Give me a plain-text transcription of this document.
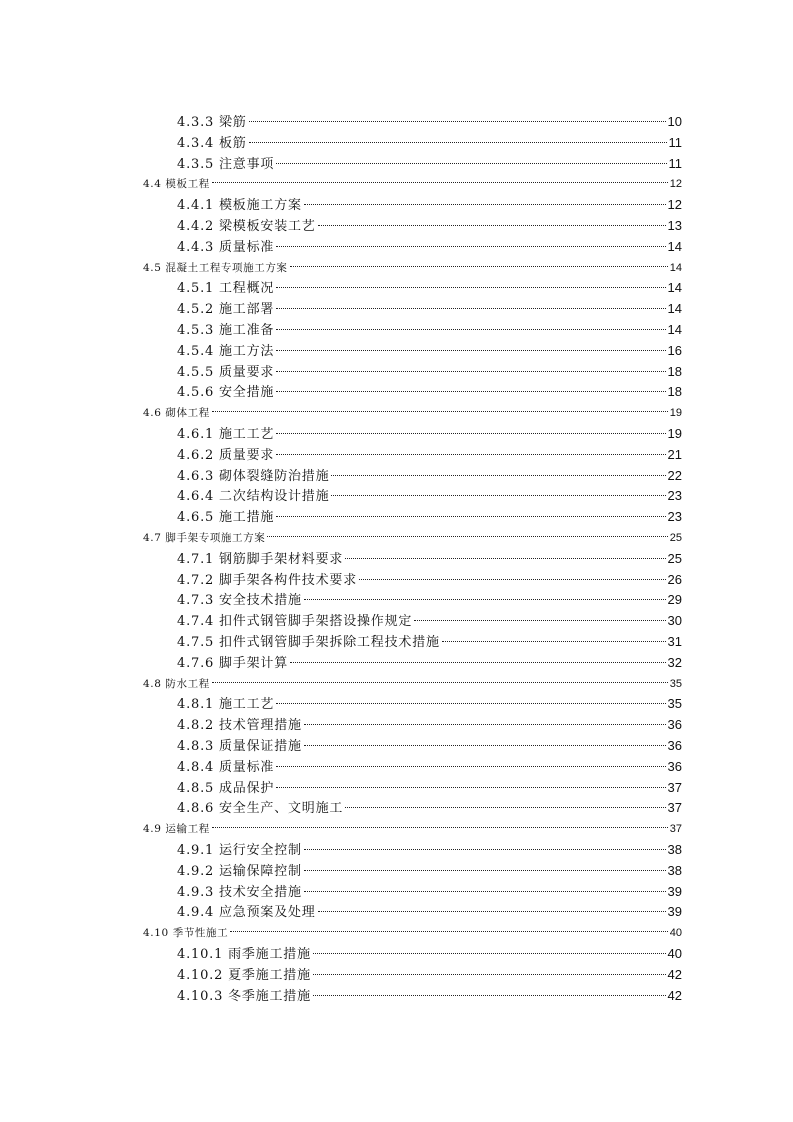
4.3.3 梁筋	10
4.3.4 板筋	11
4.3.5 注意事项	11
4.4 模板工程	12
4.4.1 模板施工方案	12
4.4.2 梁模板安装工艺	13
4.4.3 质量标准	14
4.5 混凝土工程专项施工方案	14
4.5.1 工程概况	14
4.5.2 施工部署	14
4.5.3 施工准备	14
4.5.4 施工方法	16
4.5.5 质量要求	18
4.5.6 安全措施	18
4.6 砌体工程	19
4.6.1 施工工艺	19
4.6.2 质量要求	21
4.6.3 砌体裂缝防治措施	22
4.6.4 二次结构设计措施	23
4.6.5 施工措施	23
4.7 脚手架专项施工方案	25
4.7.1 钢筋脚手架材料要求	25
4.7.2 脚手架各构件技术要求	26
4.7.3 安全技术措施	29
4.7.4 扣件式钢管脚手架搭设操作规定	30
4.7.5 扣件式钢管脚手架拆除工程技术措施	31
4.7.6 脚手架计算	32
4.8 防水工程	35
4.8.1 施工工艺	35
4.8.2 技术管理措施	36
4.8.3 质量保证措施	36
4.8.4 质量标准	36
4.8.5 成品保护	37
4.8.6 安全生产、文明施工	37
4.9 运输工程	37
4.9.1 运行安全控制	38
4.9.2 运输保障控制	38
4.9.3 技术安全措施	39
4.9.4 应急预案及处理	39
4.10 季节性施工	40
4.10.1 雨季施工措施	40
4.10.2 夏季施工措施	42
4.10.3 冬季施工措施	42
